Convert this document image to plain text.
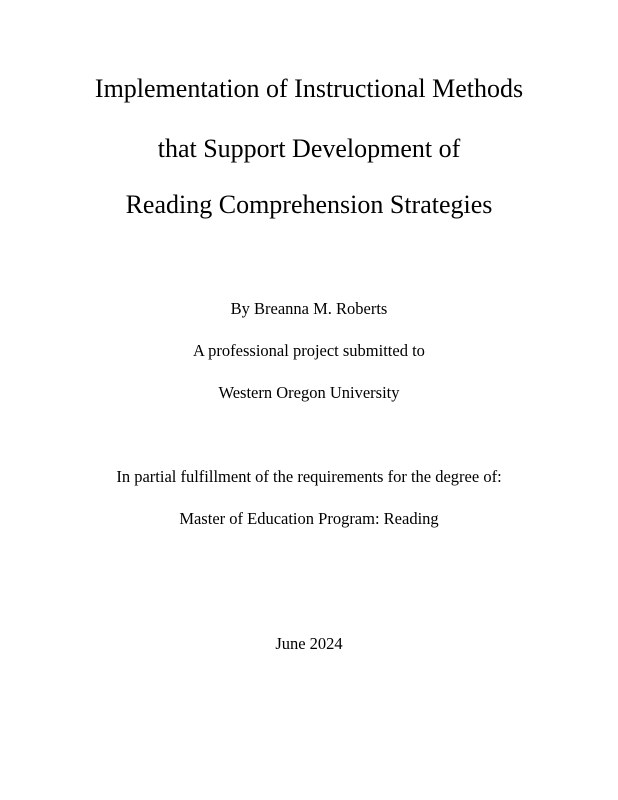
Implementation of Instructional Methods
that Support Development of
Reading Comprehension Strategies
By Breanna M. Roberts
A professional project submitted to
Western Oregon University
In partial fulfillment of the requirements for the degree of:
Master of Education Program: Reading
June 2024
